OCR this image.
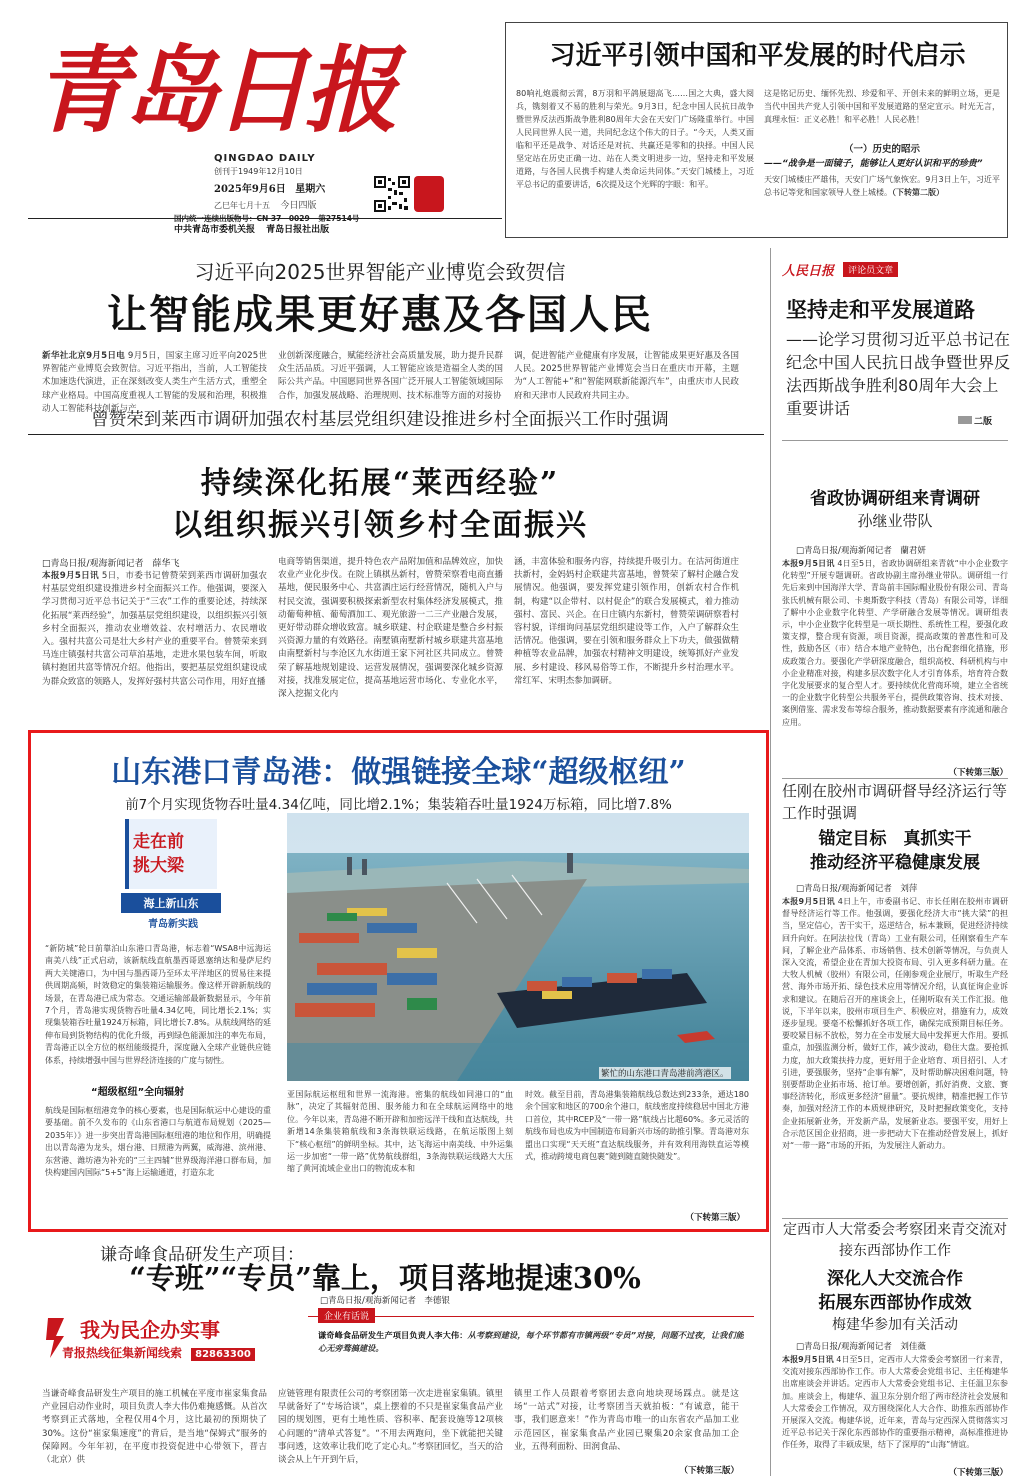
青岛日报
QINGDAO DAILY
创刊于1949年12月10日
2025年9月6日 星期六
乙巳年七月十五 今日四版
中共青岛市委机关报 青岛日报社出版
习近平引领中国和平发展的时代启示
80响礼炮震彻云霄，8万羽和平鸽展翅高飞……国之大典，盛大阅兵，镌刻着又不易的胜利与荣光。9月3日，纪念中国人民抗日战争暨世界反法西斯战争胜利80周年大会在天安门广场隆重举行。中国人民同世界人民一道，共同纪念这个伟大的日子。“今天，人类又面临和平还是战争、对话还是对抗、共赢还是零和的抉择。中国人民坚定站在历史正确一边、站在人类文明进步一边，坚持走和平发展道路，与各国人民携手构建人类命运共同体。”天安门城楼上，习近平总书记的重要讲话，6次提及这个光辉的字眼：和平。
这是铭记历史、缅怀先烈、珍爱和平、开创未来的鲜明立场，更是当代中国共产党人引领中国和平发展道路的坚定宣示。时光无言，真理永恒：正义必胜！和平必胜！人民必胜！
（一）历史的昭示
——“战争是一面镜子，能够让人更好认识和平的珍贵”
天安门城楼庄严雄伟，天安门广场气象恢宏。9月3日上午，习近平总书记等党和国家领导人登上城楼。（下转第二版）
习近平向2025世界智能产业博览会致贺信
让智能成果更好惠及各国人民
新华社北京9月5日电 9月5日，国家主席习近平向2025世界智能产业博览会致贺信。习近平指出，当前，人工智能技术加速迭代演进，正在深刻改变人类生产生活方式，重塑全球产业格局。中国高度重视人工智能的发展和治理，积极推动人工智能科技创新与产
业创新深度融合，赋能经济社会高质量发展，助力提升民群众生活品质。习近平强调，人工智能应该是造福全人类的国际公共产品。中国愿同世界各国广泛开展人工智能领域国际合作，加强发展战略、治理规则、技术标准等方面的对接协
调，促进智能产业健康有序发展，让智能成果更好惠及各国人民。2025世界智能产业博览会当日在重庆市开幕，主题为“人工智能+”和“智能网联新能源汽车”，由重庆市人民政府和天津市人民政府共同主办。
人民日报 评论员文章
坚持走和平发展道路
——论学习贯彻习近平总书记在纪念中国人民抗日战争暨世界反法西斯战争胜利80周年大会上重要讲话
二版
曾赞荣到莱西市调研加强农村基层党组织建设推进乡村全面振兴工作时强调
持续深化拓展“莱西经验”
以组织振兴引领乡村全面振兴
□青岛日报/观海新闻记者　薛华飞
本报9月5日讯 5日，市委书记曾赞荣到莱西市调研加强农村基层党组织建设推进乡村全面振兴工作。他强调，要深入学习贯彻习近平总书记关于“三农”工作的重要论述，持续深化拓展“莱西经验”，加强基层党组织建设，以组织振兴引领乡村全面振兴，推动农业增效益、农村增活力、农民增收入。强村共富公司是壮大乡村产业的重要平台。曾赞荣来到马连庄镇强村共富公司草泊基地，走进水果包装车间，听取镇村抱团共富等情况介绍。他指出，要把基层党组织建设成为群众致富的领路人，发挥好强村共富公司作用，用好直播
电商等销售渠道，提升特色农产品附加值和品牌效应，加快农业产业化步伐。在院上镇棋丛新村，曾赞荣察看电商直播基地，便民服务中心、共富酒庄运行经营情况，随机入户与村民交流，强调要积极探索新型农村集体经济发展模式，推动葡萄种植、葡萄酒加工、观光旅游一二三产业融合发展，更好带动群众增收致富。城乡联建、村企联建是整合乡村振兴资源力量的有效路径。南墅镇南墅新村城乡联建共富基地由南墅新村与李沧区九水街道王家下河社区共同成立。曾赞荣了解基地规划建设、运营发展情况，强调要深化城乡资源对接，找准发展定位，提高基地运营市场化、专业化水平，深入挖掘文化内
涵，丰富体验和服务内容，持续提升吸引力。在沽河街道庄扶新村，金妈妈村企联建共富基地，曾赞荣了解村企融合发展情况。他强调，要发挥党建引领作用，创新农村合作机制，构建“以企带村、以村促企”的联合发展模式，着力推动强村、富民、兴企。在日庄镇内东新村，曾赞荣调研察看村容村貌，详细询问基层党组织建设等工作，入户了解群众生活情况。他强调，要在引领和服务群众上下功夫，做强做精种植等农业品牌，加强农村精神文明建设，统筹抓好产业发展、乡村建设、移风易俗等工作，不断提升乡村治理水平。常红军、宋明杰参加调研。
省政协调研组来青调研
孙继业带队
□青岛日报/观海新闻记者　蘭君妍
本报9月5日讯 4日至5日，省政协调研组来青就“中小企业数字化转型”开展专题调研。省政协副主席孙继业带队。调研组一行先后来到中国海洋大学、青岛前丰国际帽业股份有限公司、青岛张氏机械有限公司、卡奥斯数字科技（青岛）有限公司等，详细了解中小企业数字化转型、产学研融合发展等情况。调研组表示，中小企业数字化转型是一项长期性、系统性工程，要强化政策支撑，整合现有资源，项目资源，提高政策的普惠性和可及性，鼓励各区（市）结合本地产业特色，出台配套细化措施，形成政策合力。要强化产学研深度融合，组织高校、科研机构与中小企业精准对接，构建多层次数字化人才引育体系，培育符合数字化发展要求的复合型人才。要持续优化营商环境，建立全省统一的企业数字化转型公共服务平台，提供政策咨询、技术对接、案例借鉴、需求发布等综合服务，推动数据要素有序流通和融合应用。
（下转第三版）
山东港口青岛港：做强链接全球“超级枢纽”
前7个月实现货物吞吐量4.34亿吨，同比增2.1%；集装箱吞吐量1924万标箱，同比增7.8%
走在前
挑大梁
海上新山东
青岛新实践
繁忙的山东港口青岛港前湾港区。
“新防城”轮日前靠泊山东港口青岛港，标志着“WSA8中远海运南美八线”正式启动，该新航线直航墨西哥恩塞纳达和曼萨尼约两大关键港口，为中国与墨西哥乃至环太平洋地区的贸易往来提供周期高频，时效稳定的集装箱运输服务。像这样开辟新航线的场景，在青岛港已成为常态。交通运输部最新数据显示，今年前7个月，青岛港实现货物吞吐量4.34亿吨，同比增长2.1%；实现集装箱吞吐量1924万标箱，同比增长7.8%。从航线网络的延伸布局到货物结构的优化升级，再到绿色能源加注的率先布局，青岛港正以全方位的枢纽能级提升，深度融入全球产业链供应链体系，持续增强中国与世界经济连接的广度与韧性。
“超级枢纽”全向辐射
航线是国际枢纽港竞争的核心要素，也是国际航运中心建设的重要基础。前不久发布的《山东省港口与航道布局规划（2025—2035年）》进一步突出青岛港国际枢纽港的地位和作用，明确提出以青岛港为龙头，烟台港、日照港为两翼，威海港、滨州港、东营港、潍坊港为补充的“三主四辅”世界级海洋港口群布局，加快构建国内国际“5+5”海上运输通道，打造东北
亚国际航运枢纽和世界一流海港。密集的航线如同港口的“血脉”，决定了其辐射范围、服务能力和在全球航运网络中的地位。今年以来，青岛港不断开辟和加密远洋干线和直达航线，共新增14条集装箱航线和3条海铁联运线路，在航运版图上刻下“核心枢纽”的鲜明坐标。其中，达飞海运中南美线、中外运集运一步加密“一带一路”优势航线群组，3条海铁联运线路大大压缩了黄河流域企业出口的物流成本和
时效。截至目前，青岛港集装箱航线总数达到233条，通达180余个国家和地区的700余个港口，航线密度持续稳居中国北方港口首位，其中RCEP及“一带一路”航线占比超60%。多元灵活的航线布局也成为中国制造布局新兴市场的助推引擎。青岛港对东盟出口实现“天天班”直达航线服务，并有效利用海铁直运等模式，推动跨境电商包裹“随到随直随快随发”。
（下转第三版）
任刚在胶州市调研督导经济运行等工作时强调
锚定目标　真抓实干
推动经济平稳健康发展
□青岛日报/观海新闻记者　刘萍
本报9月5日讯 4日上午，市委副书记、市长任刚在胶州市调研督导经济运行等工作。他强调，要强化经济大市“挑大梁”的担当，坚定信心，苦干实干，巡逆结合，标本兼顾，促进经济持续回升向好。在阿法拉伐（青岛）工业有限公司，任刚察看生产车间，了解企业产品体系、市场销售、技术创新等情况，与负责人深入交流，希望企业在青加大投资布局、引入更多科研力量。在大牧人机械（胶州）有限公司，任刚参观企业展厅，听取生产经营、海外市场开拓、绿色技术应用等情况介绍，认真征询企业诉求和建议。在随后召开的座谈会上，任刚听取有关工作汇报。他说，下半年以来，胶州市项目生产、积极应对，措施有力，成效逐步显现。要毫不松懈抓好各项工作，确保完成预期目标任务。要咬紧目标不放松，努力在全市发展大局中发挥更大作用。要抓重点，加强监测分析，做好工作，减少波动，稳住大盘。要抢抓力度，加大政策扶持力度，更好用于企业培育、项目招引、人才引进，要强服务，坚持“企事有解”，及时帮助解决困难问题，特别要帮助企业拓市场、抢订单。要增创新，抓好消费、文旅、赛事经济转化，形成更多经济“留量”。要抗规律，精准把握工作节奏，加强对经济工作的本质规律研究，及时把握政策变化，支持企业拓展新业务，开发新产品，发展新业态。要强平安，用好上合示范区国企业招商，进一步把动大下在推动经营发展上，抓好对“一带一路”市场的开拓，为发展注人新动力。
定西市人大常委会考察团来青交流对接东西部协作工作
深化人大交流合作
拓展东西部协作成效
梅建华参加有关活动
□青岛日报/观海新闻记者　刘佳薇
本报9月5日讯 4日至5日，定西市人大常委会考察团一行来青，交流对接东西部协作工作。市人大常委会党组书记、主任梅建华出席座谈会并讲话。定西市人大常委会党组书记、主任温卫东参加。座谈会上，梅建华、温卫东分别介绍了两市经济社会发展和人大常委会工作情况，双方围绕深化人大合作、助推东西部协作开展深入交流。梅建华说，近年来，青岛与定西深入贯彻落实习近平总书记关于深化东西部协作的重要指示精神，高标准推进协作任务，取得了丰硕成果，结下了深厚的“山海”情谊。
（下转第三版）
谦奇峰食品研发生产项目：
“专班”“专员”靠上，项目落地提速30%
□青岛日报/观海新闻记者　李德银
我为民企办实事
青报热线征集新闻线索 82863300
企业有话说
谦奇峰食品研发生产项目负责人李大伟：从考察到建设，每个环节都有市镇两级“专员”对接，问题不过夜，让我们能心无旁骛搞建设。
当谦奇峰食品研发生产项目的施工机械在平度市崔家集食品产业园启动作业时，项目负责人李大伟仍难掩感慨。从首次考察到正式落地，全程仅用4个月，这比最初的预期快了30%。这份“崔家集速度”的背后，是当地“保姆式”服务的保障网。今年年初，在平度市投资促进中心带领下，晋吉（北京）供
应链管理有限责任公司的考察团第一次走进崔家集镇。镇里早就备好了“专场洽谈”，桌上摆着的不只是崔家集食品产业园的规划图，更有土地性质、容积率、配套设施等12项核心问题的“清单式答复”。“不用去两跑问，坐下就能把关键事问透，这效率让我们吃了定心丸。”考察团回忆，当天的洽谈会从上午开到午后，
镇里工作人员跟着考察团去意向地块现场踩点。就是这场“一站式”对接，让考察团当天就拍板：“有诚意，能干事，我们愿意来！”作为青岛市唯一的山东省农产品加工业示范园区，崔家集食品产业园已聚集20余家食品加工企业，五得利面粉、田润食品、
（下转第三版）
